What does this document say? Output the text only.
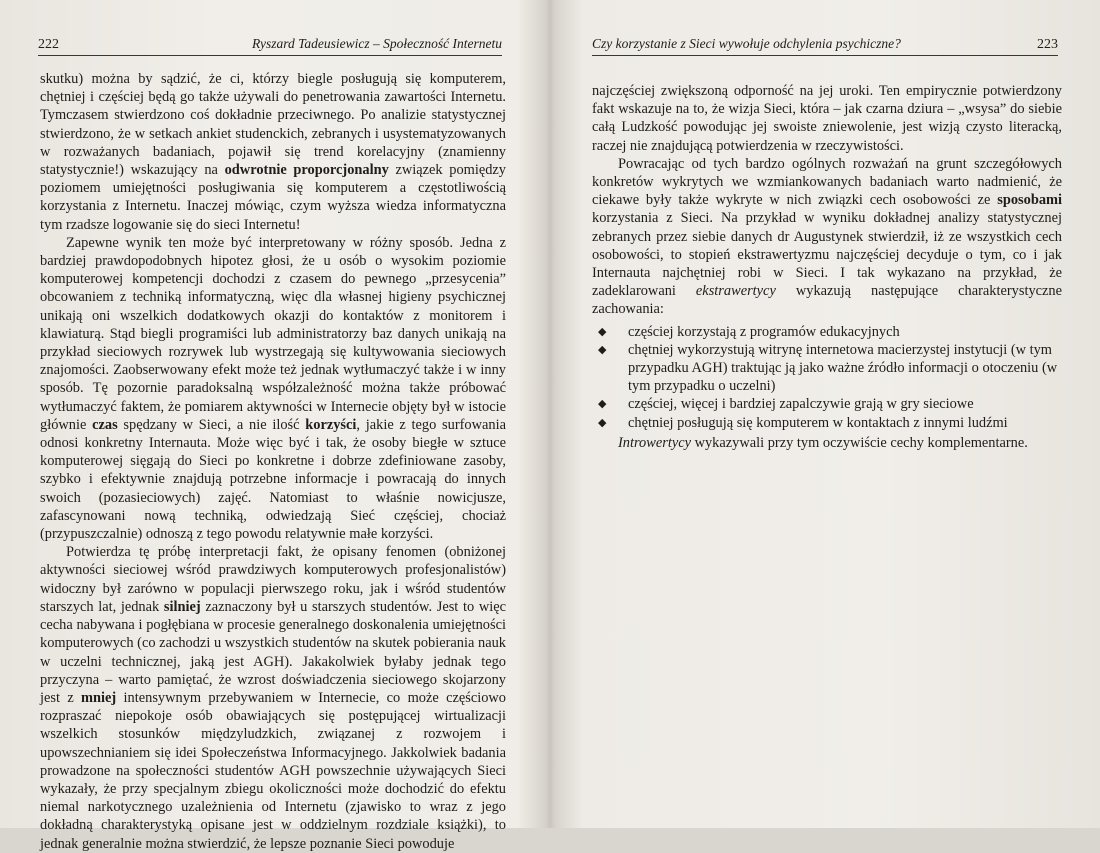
222	Ryszard Tadeusiewicz – Społeczność Internetu

skutku) można by sądzić, że ci, którzy biegle posługują się komputerem, chętniej i częściej będą go także używali do penetrowania zawartości Internetu. Tymczasem stwierdzono coś dokładnie przeciwnego. Po analizie statystycznej stwierdzono, że w setkach ankiet studenckich, zebranych i usystematyzowanych w rozważanych badaniach, pojawił się trend korelacyjny (znamienny statystycznie!) wskazujący na odwrotnie proporcjonalny związek pomiędzy poziomem umiejętności posługiwania się komputerem a częstotliwością korzystania z Internetu. Inaczej mówiąc, czym wyższa wiedza informatyczna tym rzadsze logowanie się do sieci Internetu!

Zapewne wynik ten może być interpretowany w różny sposób. Jedna z bardziej prawdopodobnych hipotez głosi, że u osób o wysokim poziomie komputerowej kompetencji dochodzi z czasem do pewnego „przesycenia” obcowaniem z techniką informatyczną, więc dla własnej higieny psychicznej unikają oni wszelkich dodatkowych okazji do kontaktów z monitorem i klawiaturą. Stąd biegli programiści lub administratorzy baz danych unikają na przykład sieciowych rozrywek lub wystrzegają się kultywowania sieciowych znajomości. Zaobserwowany efekt może też jednak wytłumaczyć także i w inny sposób. Tę pozornie paradoksalną współzależność można także próbować wytłumaczyć faktem, że pomiarem aktywności w Internecie objęty był w istocie głównie czas spędzany w Sieci, a nie ilość korzyści, jakie z tego surfowania odnosi konkretny Internauta. Może więc być i tak, że osoby biegłe w sztuce komputerowej sięgają do Sieci po konkretne i dobrze zdefiniowane zasoby, szybko i efektywnie znajdują potrzebne informacje i powracają do innych swoich (pozasieciowych) zajęć. Natomiast to właśnie nowicjusze, zafascynowani nową techniką, odwiedzają Sieć częściej, chociaż (przypuszczalnie) odnoszą z tego powodu relatywnie małe korzyści.

Potwierdza tę próbę interpretacji fakt, że opisany fenomen (obniżonej aktywności sieciowej wśród prawdziwych komputerowych profesjonalistów) widoczny był zarówno w populacji pierwszego roku, jak i wśród studentów starszych lat, jednak silniej zaznaczony był u starszych studentów. Jest to więc cecha nabywana i pogłębiana w procesie generalnego doskonalenia umiejętności komputerowych (co zachodzi u wszystkich studentów na skutek pobierania nauk w uczelni technicznej, jaką jest AGH). Jakakolwiek byłaby jednak tego przyczyna – warto pamiętać, że wzrost doświadczenia sieciowego skojarzony jest z mniej intensywnym przebywaniem w Internecie, co może częściowo rozpraszać niepokoje osób obawiających się postępującej wirtualizacji wszelkich stosunków międzyludzkich, związanej z rozwojem i upowszechnianiem się idei Społeczeństwa Informacyjnego. Jakkolwiek badania prowadzone na społeczności studentów AGH powszechnie używających Sieci wykazały, że przy specjalnym zbiegu okoliczności może dochodzić do efektu niemal narkotycznego uzależnienia od Internetu (zjawisko to wraz z jego dokładną charakterystyką opisane jest w oddzielnym rozdziale książki), to jednak generalnie można stwierdzić, że lepsze poznanie Sieci powoduje

Czy korzystanie z Sieci wywołuje odchylenia psychiczne?	223

najczęściej zwiększoną odporność na jej uroki. Ten empirycznie potwierdzony fakt wskazuje na to, że wizja Sieci, która – jak czarna dziura – „wsysa” do siebie całą Ludzkość powodując jej swoiste zniewolenie, jest wizją czysto literacką, raczej nie znajdującą potwierdzenia w rzeczywistości.

Powracając od tych bardzo ogólnych rozważań na grunt szczegółowych konkretów wykrytych we wzmiankowanych badaniach warto nadmienić, że ciekawe były także wykryte w nich związki cech osobowości ze sposobami korzystania z Sieci. Na przykład w wyniku dokładnej analizy statystycznej zebranych przez siebie danych dr Augustynek stwierdził, iż ze wszystkich cech osobowości, to stopień ekstrawertyzmu najczęściej decyduje o tym, co i jak Internauta najchętniej robi w Sieci. I tak wykazano na przykład, że zadeklarowani ekstrawertycy wykazują następujące charakterystyczne zachowania:

◆ częściej korzystają z programów edukacyjnych
◆ chętniej wykorzystują witrynę internetowa macierzystej instytucji (w tym przypadku AGH) traktując ją jako ważne źródło informacji o otoczeniu (w tym przypadku o uczelni)
◆ częściej, więcej i bardziej zapalczywie grają w gry sieciowe
◆ chętniej posługują się komputerem w kontaktach z innymi ludźmi

Introwertycy wykazywali przy tym oczywiście cechy komplementarne.
